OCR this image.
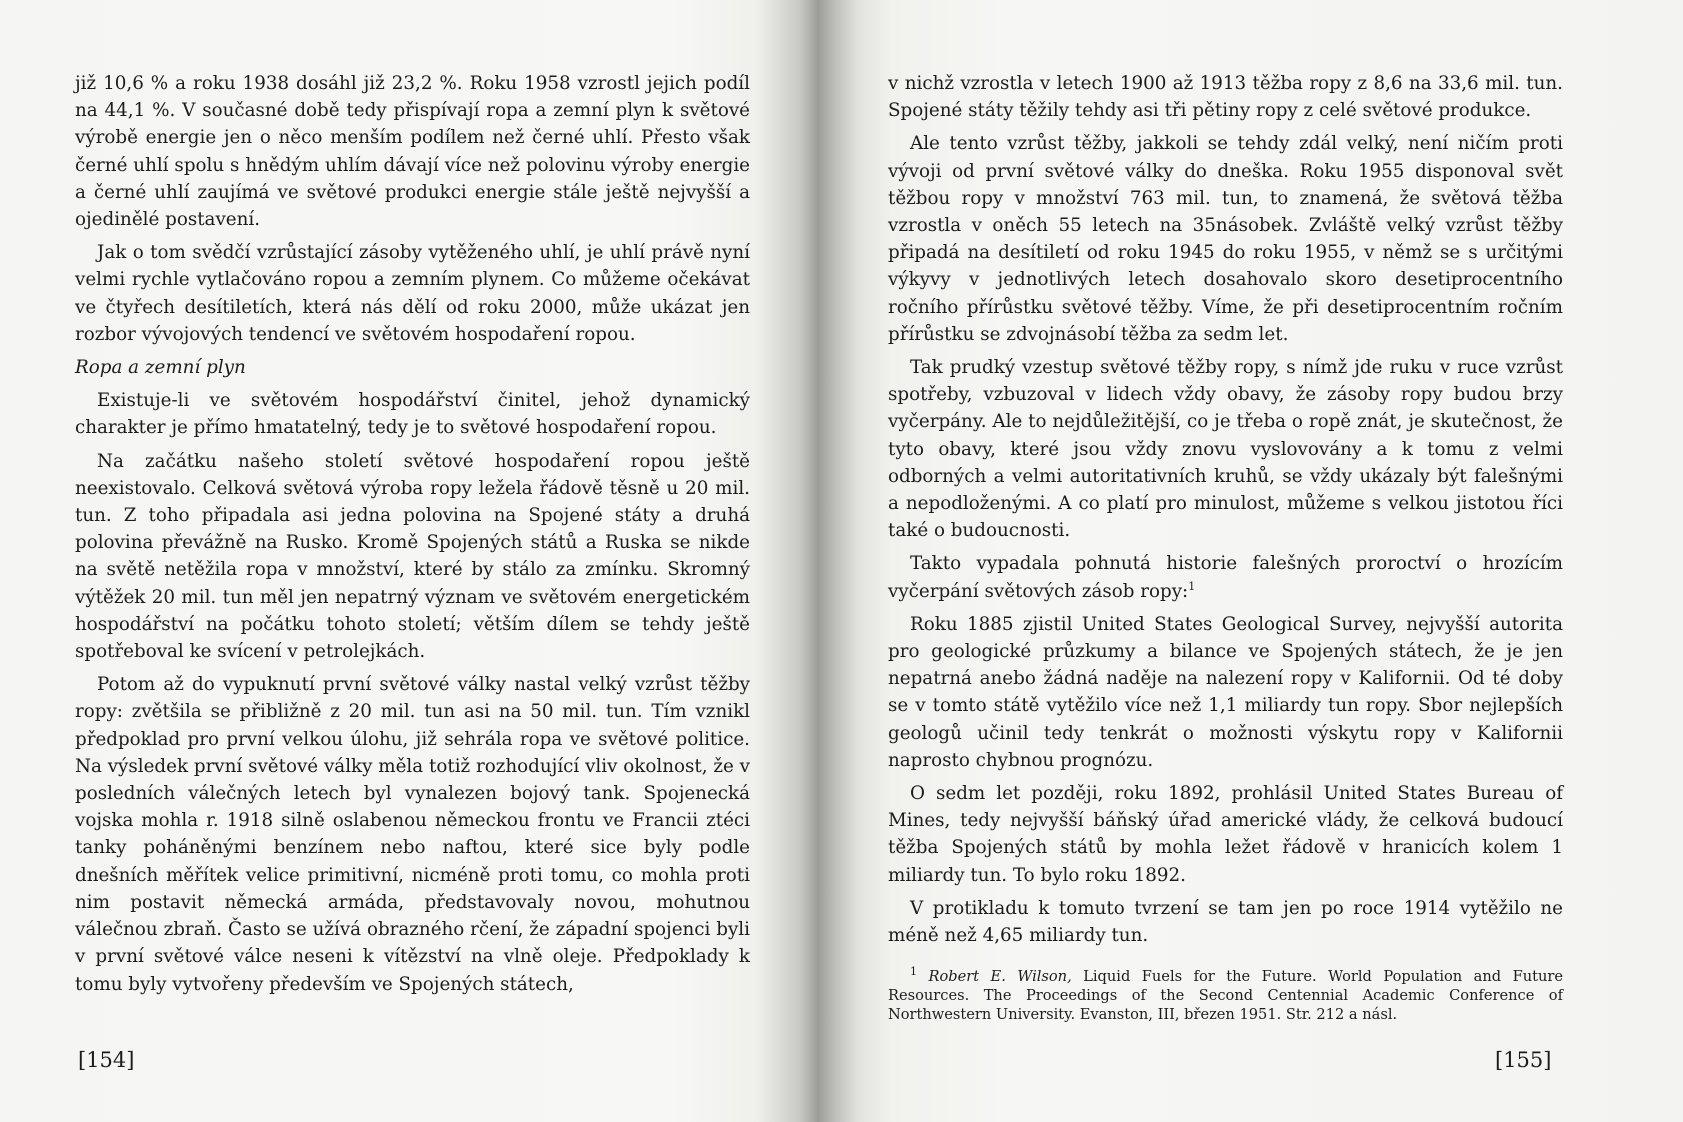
již 10,6 % a roku 1938 dosáhl již 23,2 %. Roku 1958 vzrostl jejich podíl na 44,1 %. V současné době tedy přispívají ropa a zemní plyn k světové výrobě energie jen o něco menším podílem než černé uhlí. Přesto však černé uhlí spolu s hnědým uhlím dávají více než polovinu výroby energie a černé uhlí zaujímá ve světové produkci energie stále ještě nejvyšší a ojedinělé postavení.

Jak o tom svědčí vzrůstající zásoby vytěženého uhlí, je uhlí právě nyní velmi rychle vytlačováno ropou a zemním plynem. Co můžeme očekávat ve čtyřech desítiletích, která nás dělí od roku 2000, může ukázat jen rozbor vývojových tendencí ve světovém hospodaření ropou.

Ropa a zemní plyn

Existuje-li ve světovém hospodářství činitel, jehož dynamický charakter je přímo hmatatelný, tedy je to světové hospodaření ropou.

Na začátku našeho století světové hospodaření ropou ještě neexistovalo. Celková světová výroba ropy ležela řádově těsně u 20 mil. tun. Z toho připadala asi jedna polovina na Spojené státy a druhá polovina převážně na Rusko. Kromě Spojených států a Ruska se nikde na světě netěžila ropa v množství, které by stálo za zmínku. Skromný výtěžek 20 mil. tun měl jen nepatrný význam ve světovém energetickém hospodářství na počátku tohoto století; větším dílem se tehdy ještě spotřeboval ke svícení v petrolejkách.

Potom až do vypuknutí první světové války nastal velký vzrůst těžby ropy: zvětšila se přibližně z 20 mil. tun asi na 50 mil. tun. Tím vznikl předpoklad pro první velkou úlohu, již sehrála ropa ve světové politice. Na výsledek první světové války měla totiž rozhodující vliv okolnost, že v posledních válečných letech byl vynalezen bojový tank. Spojenecká vojska mohla r. 1918 silně oslabenou německou frontu ve Francii ztéci tanky poháněnými benzínem nebo naftou, které sice byly podle dnešních měřítek velice primitivní, nicméně proti tomu, co mohla proti nim postavit německá armáda, představovaly novou, mohutnou válečnou zbraň. Často se užívá obrazného rčení, že západní spojenci byli v první světové válce neseni k vítězství na vlně oleje. Předpoklady k tomu byly vytvořeny především ve Spojených státech,

v nichž vzrostla v letech 1900 až 1913 těžba ropy z 8,6 na 33,6 mil. tun. Spojené státy těžily tehdy asi tři pětiny ropy z celé světové produkce.

Ale tento vzrůst těžby, jakkoli se tehdy zdál velký, není ničím proti vývoji od první světové války do dneška. Roku 1955 disponoval svět těžbou ropy v množství 763 mil. tun, to znamená, že světová těžba vzrostla v oněch 55 letech na 35násobek. Zvláště velký vzrůst těžby připadá na desítiletí od roku 1945 do roku 1955, v němž se s určitými výkyvy v jednotlivých letech dosahovalo skoro desetiprocentního ročního přírůstku světové těžby. Víme, že při desetiprocentním ročním přírůstku se zdvojnásobí těžba za sedm let.

Tak prudký vzestup světové těžby ropy, s nímž jde ruku v ruce vzrůst spotřeby, vzbuzoval v lidech vždy obavy, že zásoby ropy budou brzy vyčerpány. Ale to nejdůležitější, co je třeba o ropě znát, je skutečnost, že tyto obavy, které jsou vždy znovu vyslovovány a k tomu z velmi odborných a velmi autoritativních kruhů, se vždy ukázaly být falešnými a nepodloženými. A co platí pro minulost, můžeme s velkou jistotou říci také o budoucnosti.

Takto vypadala pohnutá historie falešných proroctví o hrozícím vyčerpání světových zásob ropy:$^1$

Roku 1885 zjistil United States Geological Survey, nejvyšší autorita pro geologické průzkumy a bilance ve Spojených státech, že je jen nepatrná anebo žádná naděje na nalezení ropy v Kalifornii. Od té doby se v tomto státě vytěžilo více než 1,1 miliardy tun ropy. Sbor nejlepších geologů učinil tedy tenkrát o možnosti výskytu ropy v Kalifornii naprosto chybnou prognózu.

O sedm let později, roku 1892, prohlásil United States Bureau of Mines, tedy nejvyšší báňský úřad americké vlády, že celková budoucí těžba Spojených států by mohla ležet řádově v hranicích kolem 1 miliardy tun. To bylo roku 1892.

V protikladu k tomuto tvrzení se tam jen po roce 1914 vytěžilo ne méně než 4,65 miliardy tun.

$^1$ Robert E. Wilson, Liquid Fuels for the Future. World Population and Future Resources. The Proceedings of the Second Centennial Academic Conference of Northwestern University. Evanston, III, březen 1951. Str. 212 a násl.
[154]	[155]
